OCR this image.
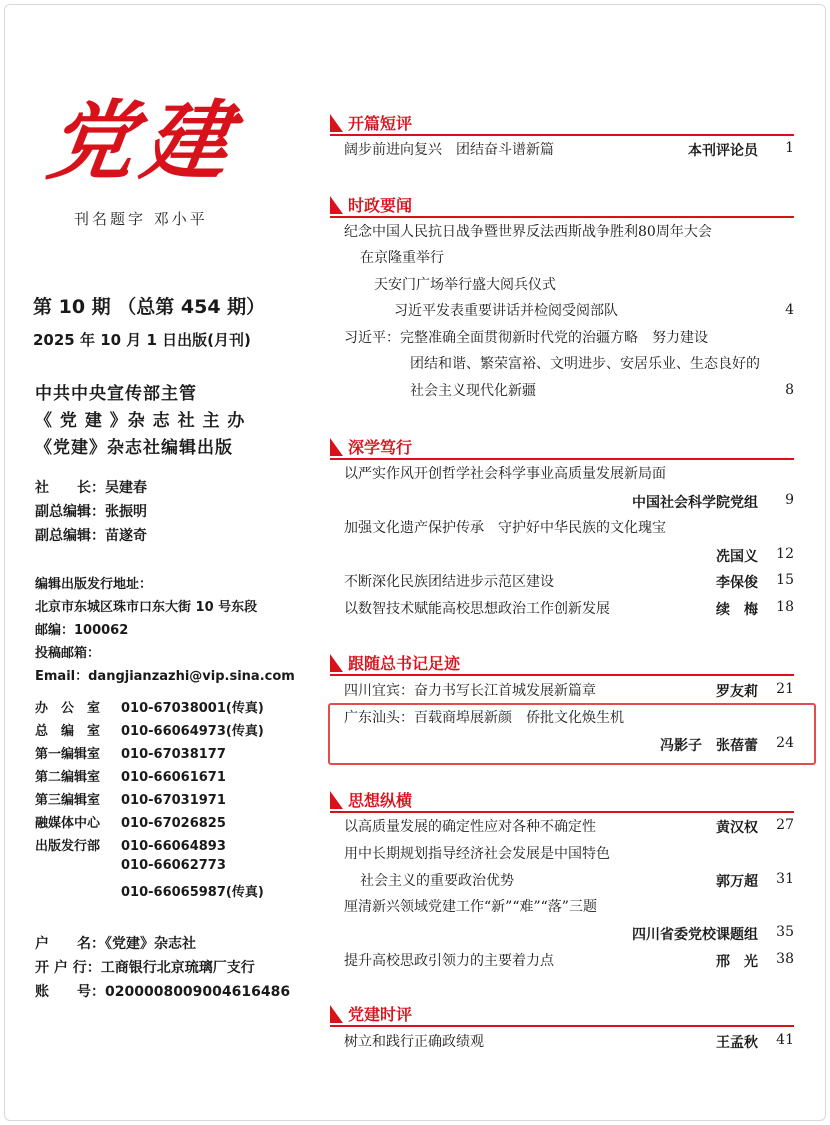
党建
刊名题字 邓小平
第 10 期 （总第 454 期）
2025 年 10 月 1 日出版(月刊)
中共中央宣传部主管
《 党 建 》杂 志 社 主 办
《党建》杂志社编辑出版
社　　长：吴建春
副总编辑：张振明
副总编辑：苗遂奇
编辑出版发行地址：
北京市东城区珠市口东大街 10 号东段
邮编：100062
投稿邮箱：
Email：dangjianzazhi@vip.sina.com
办　公　室 010-67038001(传真)
总　编　室 010-66064973(传真)
第一编辑室 010-67038177
第二编辑室 010-66061671
第三编辑室 010-67031971
融媒体中心 010-67026825
出版发行部 010-66064893
010-66062773
010-66065987(传真)
户　　名：《党建》杂志社
开 户 行：工商银行北京琉璃厂支行
账　　号：0200008009004616486
开篇短评
阔步前进向复兴　团结奋斗谱新篇	本刊评论员	1
时政要闻
纪念中国人民抗日战争暨世界反法西斯战争胜利80周年大会
在京隆重举行
天安门广场举行盛大阅兵仪式
习近平发表重要讲话并检阅受阅部队	4
习近平：完整准确全面贯彻新时代党的治疆方略　努力建设
团结和谐、繁荣富裕、文明进步、安居乐业、生态良好的
社会主义现代化新疆	8
深学笃行
以严实作风开创哲学社会科学事业高质量发展新局面
中国社会科学院党组	9
加强文化遗产保护传承　守护好中华民族的文化瑰宝
冼国义	12
不断深化民族团结进步示范区建设	李保俊	15
以数智技术赋能高校思想政治工作创新发展	续　梅	18
跟随总书记足迹
四川宜宾：奋力书写长江首城发展新篇章	罗友莉	21
广东汕头：百载商埠展新颜　侨批文化焕生机
冯影子　张蓓蕾	24
思想纵横
以高质量发展的确定性应对各种不确定性	黄汉权	27
用中长期规划指导经济社会发展是中国特色
社会主义的重要政治优势	郭万超	31
厘清新兴领域党建工作“新”“难”“落”三题
四川省委党校课题组	35
提升高校思政引领力的主要着力点	邢　光	38
党建时评
树立和践行正确政绩观	王孟秋	41
